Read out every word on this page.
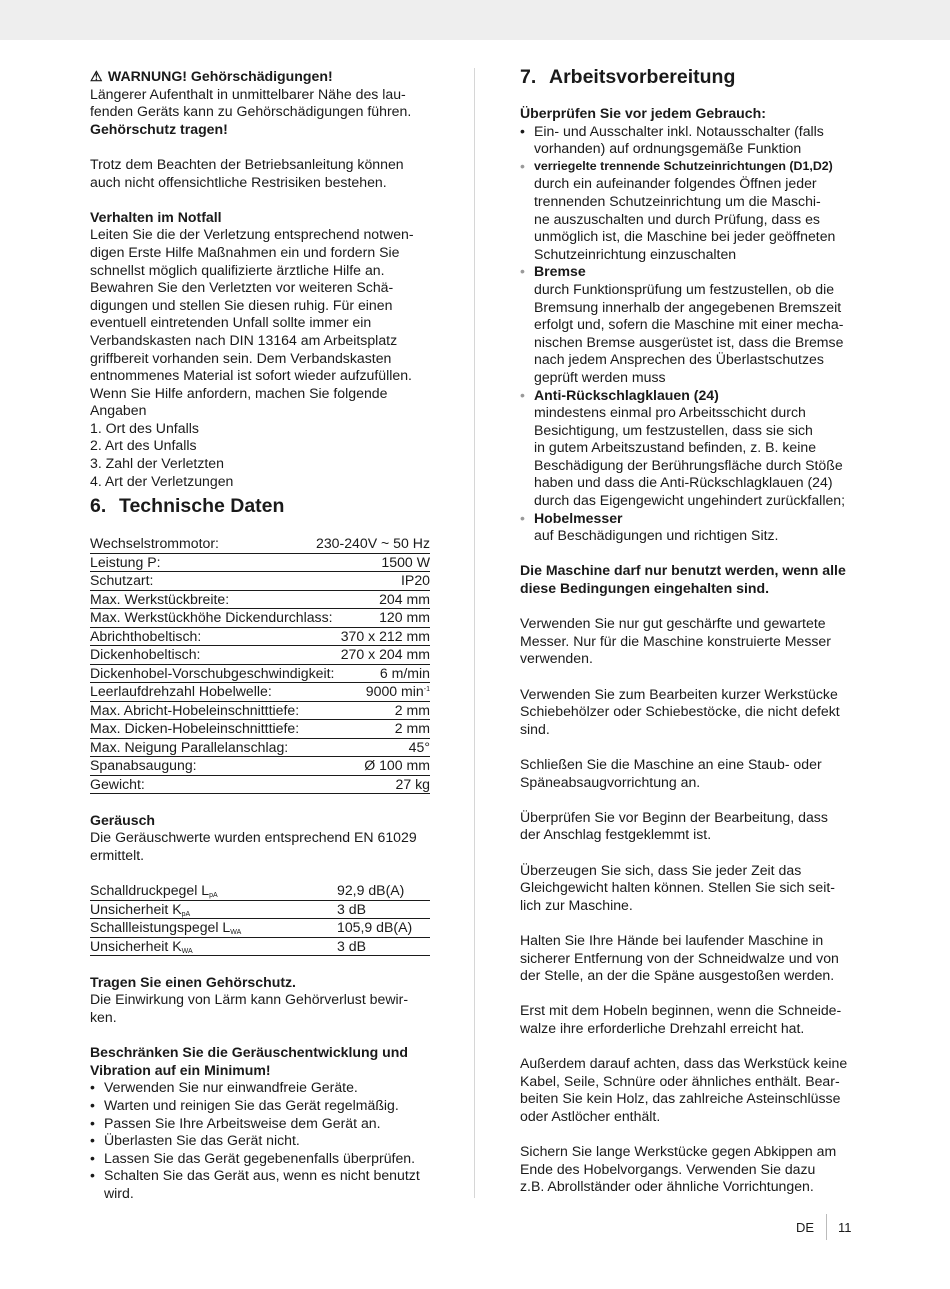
⚠ WARNUNG! Gehörschädigungen!

Längerer Aufenthalt in unmittelbarer Nähe des lau-

fenden Geräts kann zu Gehörschädigungen führen.

Gehörschutz tragen!

Trotz dem Beachten der Betriebsanleitung können

auch nicht offensichtliche Restrisiken bestehen.

Verhalten im Notfall

Leiten Sie die der Verletzung entsprechend notwen-

digen Erste Hilfe Maßnahmen ein und fordern Sie

schnellst möglich qualifizierte ärztliche Hilfe an.

Bewahren Sie den Verletzten vor weiteren Schä-

digungen und stellen Sie diesen ruhig. Für einen

eventuell eintretenden Unfall sollte immer ein

Verbandskasten nach DIN 13164 am Arbeitsplatz

griffbereit vorhanden sein. Dem Verbandskasten

entnommenes Material ist sofort wieder aufzufüllen.

Wenn Sie Hilfe anfordern, machen Sie folgende

Angaben

1. Ort des Unfalls

2. Art des Unfalls

3. Zahl der Verletzten

4. Art der Verletzungen

6. Technische Daten
Wechselstrommotor:	230-240V ~ 50 Hz
Leistung P:	1500 W
Schutzart:	IP20
Max. Werkstückbreite:	204 mm
Max. Werkstückhöhe Dickendurchlass:	120 mm
Abrichthobeltisch:	370 x 212 mm
Dickenhobeltisch:	270 x 204 mm
Dickenhobel-Vorschubgeschwindigkeit:	6 m/min
Leerlaufdrehzahl Hobelwelle:	9000 $\min^{-1}$
Max. Abricht-Hobeleinschnitttiefe:	2 mm
Max. Dicken-Hobeleinschnitttiefe:	2 mm
Max. Neigung Parallelanschlag:	45°
Spanabsaugung:	Ø 100 mm
Gewicht:	27 kg

Geräusch

Die Geräuschwerte wurden entsprechend EN 61029

ermittelt.

Schalldruckpegel $L_{pA}$	92,9 dB(A)
Unsicherheit $K_{pA}$	3 dB
Schallleistungspegel $L_{WA}$	105,9 dB(A)
Unsicherheit $K_{WA}$	3 dB

Tragen Sie einen Gehörschutz.

Die Einwirkung von Lärm kann Gehörverlust bewir-

ken.

Beschränken Sie die Geräuschentwicklung und

Vibration auf ein Minimum!

• Verwenden Sie nur einwandfreie Geräte.
• Warten und reinigen Sie das Gerät regelmäßig.
• Passen Sie Ihre Arbeitsweise dem Gerät an.
• Überlasten Sie das Gerät nicht.
• Lassen Sie das Gerät gegebenenfalls überprüfen.
• Schalten Sie das Gerät aus, wenn es nicht benutzt
wird.
7. Arbeitsvorbereitung

Überprüfen Sie vor jedem Gebrauch:

• Ein- und Ausschalter inkl. Notausschalter (falls
vorhanden) auf ordnungsgemäße Funktion
• verriegelte trennende Schutzeinrichtungen (D1,D2)
durch ein aufeinander folgendes Öffnen jeder
trennenden Schutzeinrichtung um die Maschi-
ne auszuschalten und durch Prüfung, dass es
unmöglich ist, die Maschine bei jeder geöffneten
Schutzeinrichtung einzuschalten
• Bremse
durch Funktionsprüfung um festzustellen, ob die
Bremsung innerhalb der angegebenen Bremszeit
erfolgt und, sofern die Maschine mit einer mecha-
nischen Bremse ausgerüstet ist, dass die Bremse
nach jedem Ansprechen des Überlastschutzes
geprüft werden muss
• Anti-Rückschlagklauen (24)
mindestens einmal pro Arbeitsschicht durch
Besichtigung, um festzustellen, dass sie sich
in gutem Arbeitszustand befinden, z. B. keine
Beschädigung der Berührungsfläche durch Stöße
haben und dass die Anti-Rückschlagklauen (24)
durch das Eigengewicht ungehindert zurückfallen;
• Hobelmesser
auf Beschädigungen und richtigen Sitz.

Die Maschine darf nur benutzt werden, wenn alle

diese Bedingungen eingehalten sind.

Verwenden Sie nur gut geschärfte und gewartete

Messer. Nur für die Maschine konstruierte Messer

verwenden.

Verwenden Sie zum Bearbeiten kurzer Werkstücke

Schiebehölzer oder Schiebestöcke, die nicht defekt

sind.

Schließen Sie die Maschine an eine Staub- oder

Späneabsaugvorrichtung an.

Überprüfen Sie vor Beginn der Bearbeitung, dass

der Anschlag festgeklemmt ist.

Überzeugen Sie sich, dass Sie jeder Zeit das

Gleichgewicht halten können. Stellen Sie sich seit-

lich zur Maschine.

Halten Sie Ihre Hände bei laufender Maschine in

sicherer Entfernung von der Schneidwalze und von

der Stelle, an der die Späne ausgestoßen werden.

Erst mit dem Hobeln beginnen, wenn die Schneide-

walze ihre erforderliche Drehzahl erreicht hat.

Außerdem darauf achten, dass das Werkstück keine

Kabel, Seile, Schnüre oder ähnliches enthält. Bear-

beiten Sie kein Holz, das zahlreiche Asteinschlüsse

oder Astlöcher enthält.

Sichern Sie lange Werkstücke gegen Abkippen am

Ende des Hobelvorgangs. Verwenden Sie dazu

z.B. Abrollständer oder ähnliche Vorrichtungen.

DE 11
